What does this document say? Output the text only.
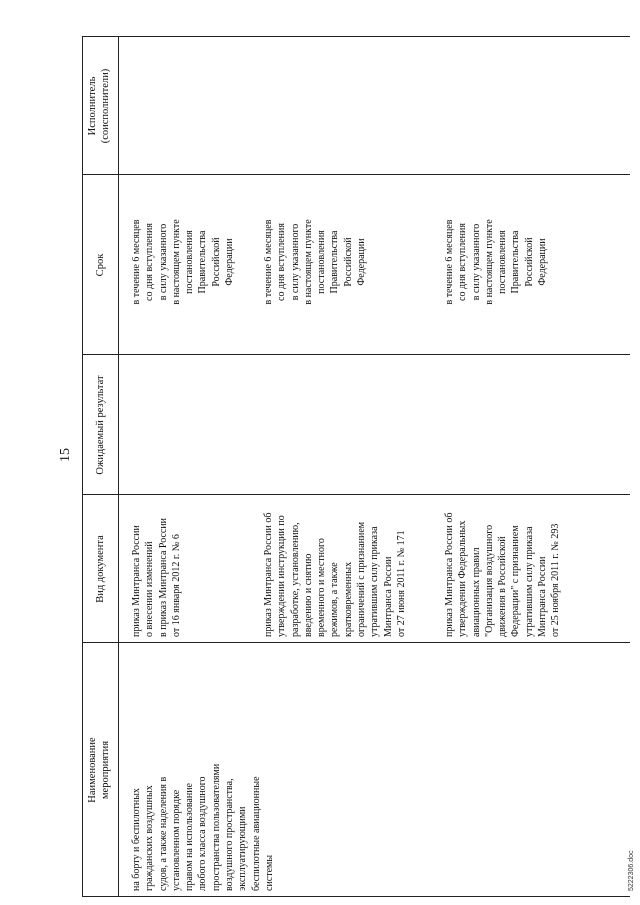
15
Наименование мероприятия
Вид документа
Ожидаемый результат
Срок
Исполнитель (соисполнители)
на борту и беспилотных гражданских воздушных судов, а также наделения в установленном порядке правом на использование любого класса воздушного пространства пользователями воздушного пространства, эксплуатирующими беспилотные авиационные системы
приказ Минтранса России о внесении изменений в приказ Минтранса России от 16 января 2012 г. № 6
в течение 6 месяцев со дня вступления в силу указанного в настоящем пункте постановления Правительства Российской Федерации
приказ Минтранса России об утверждении инструкции по разработке, установлению, введению и снятию временного и местного режимов, а также кратковременных ограничений с признанием утратившим силу приказа Минтранса России от 27 июня 2011 г. № 171
в течение 6 месяцев со дня вступления в силу указанного в настоящем пункте постановления Правительства Российской Федерации
приказ Минтранса России об утверждении Федеральных авиационных правил "Организация воздушного движения в Российской Федерации" с признанием утратившим силу приказа Минтранса России от 25 ноября 2011 г. № 293
в течение 6 месяцев со дня вступления в силу указанного в настоящем пункте постановления Правительства Российской Федерации
5222306.doc
